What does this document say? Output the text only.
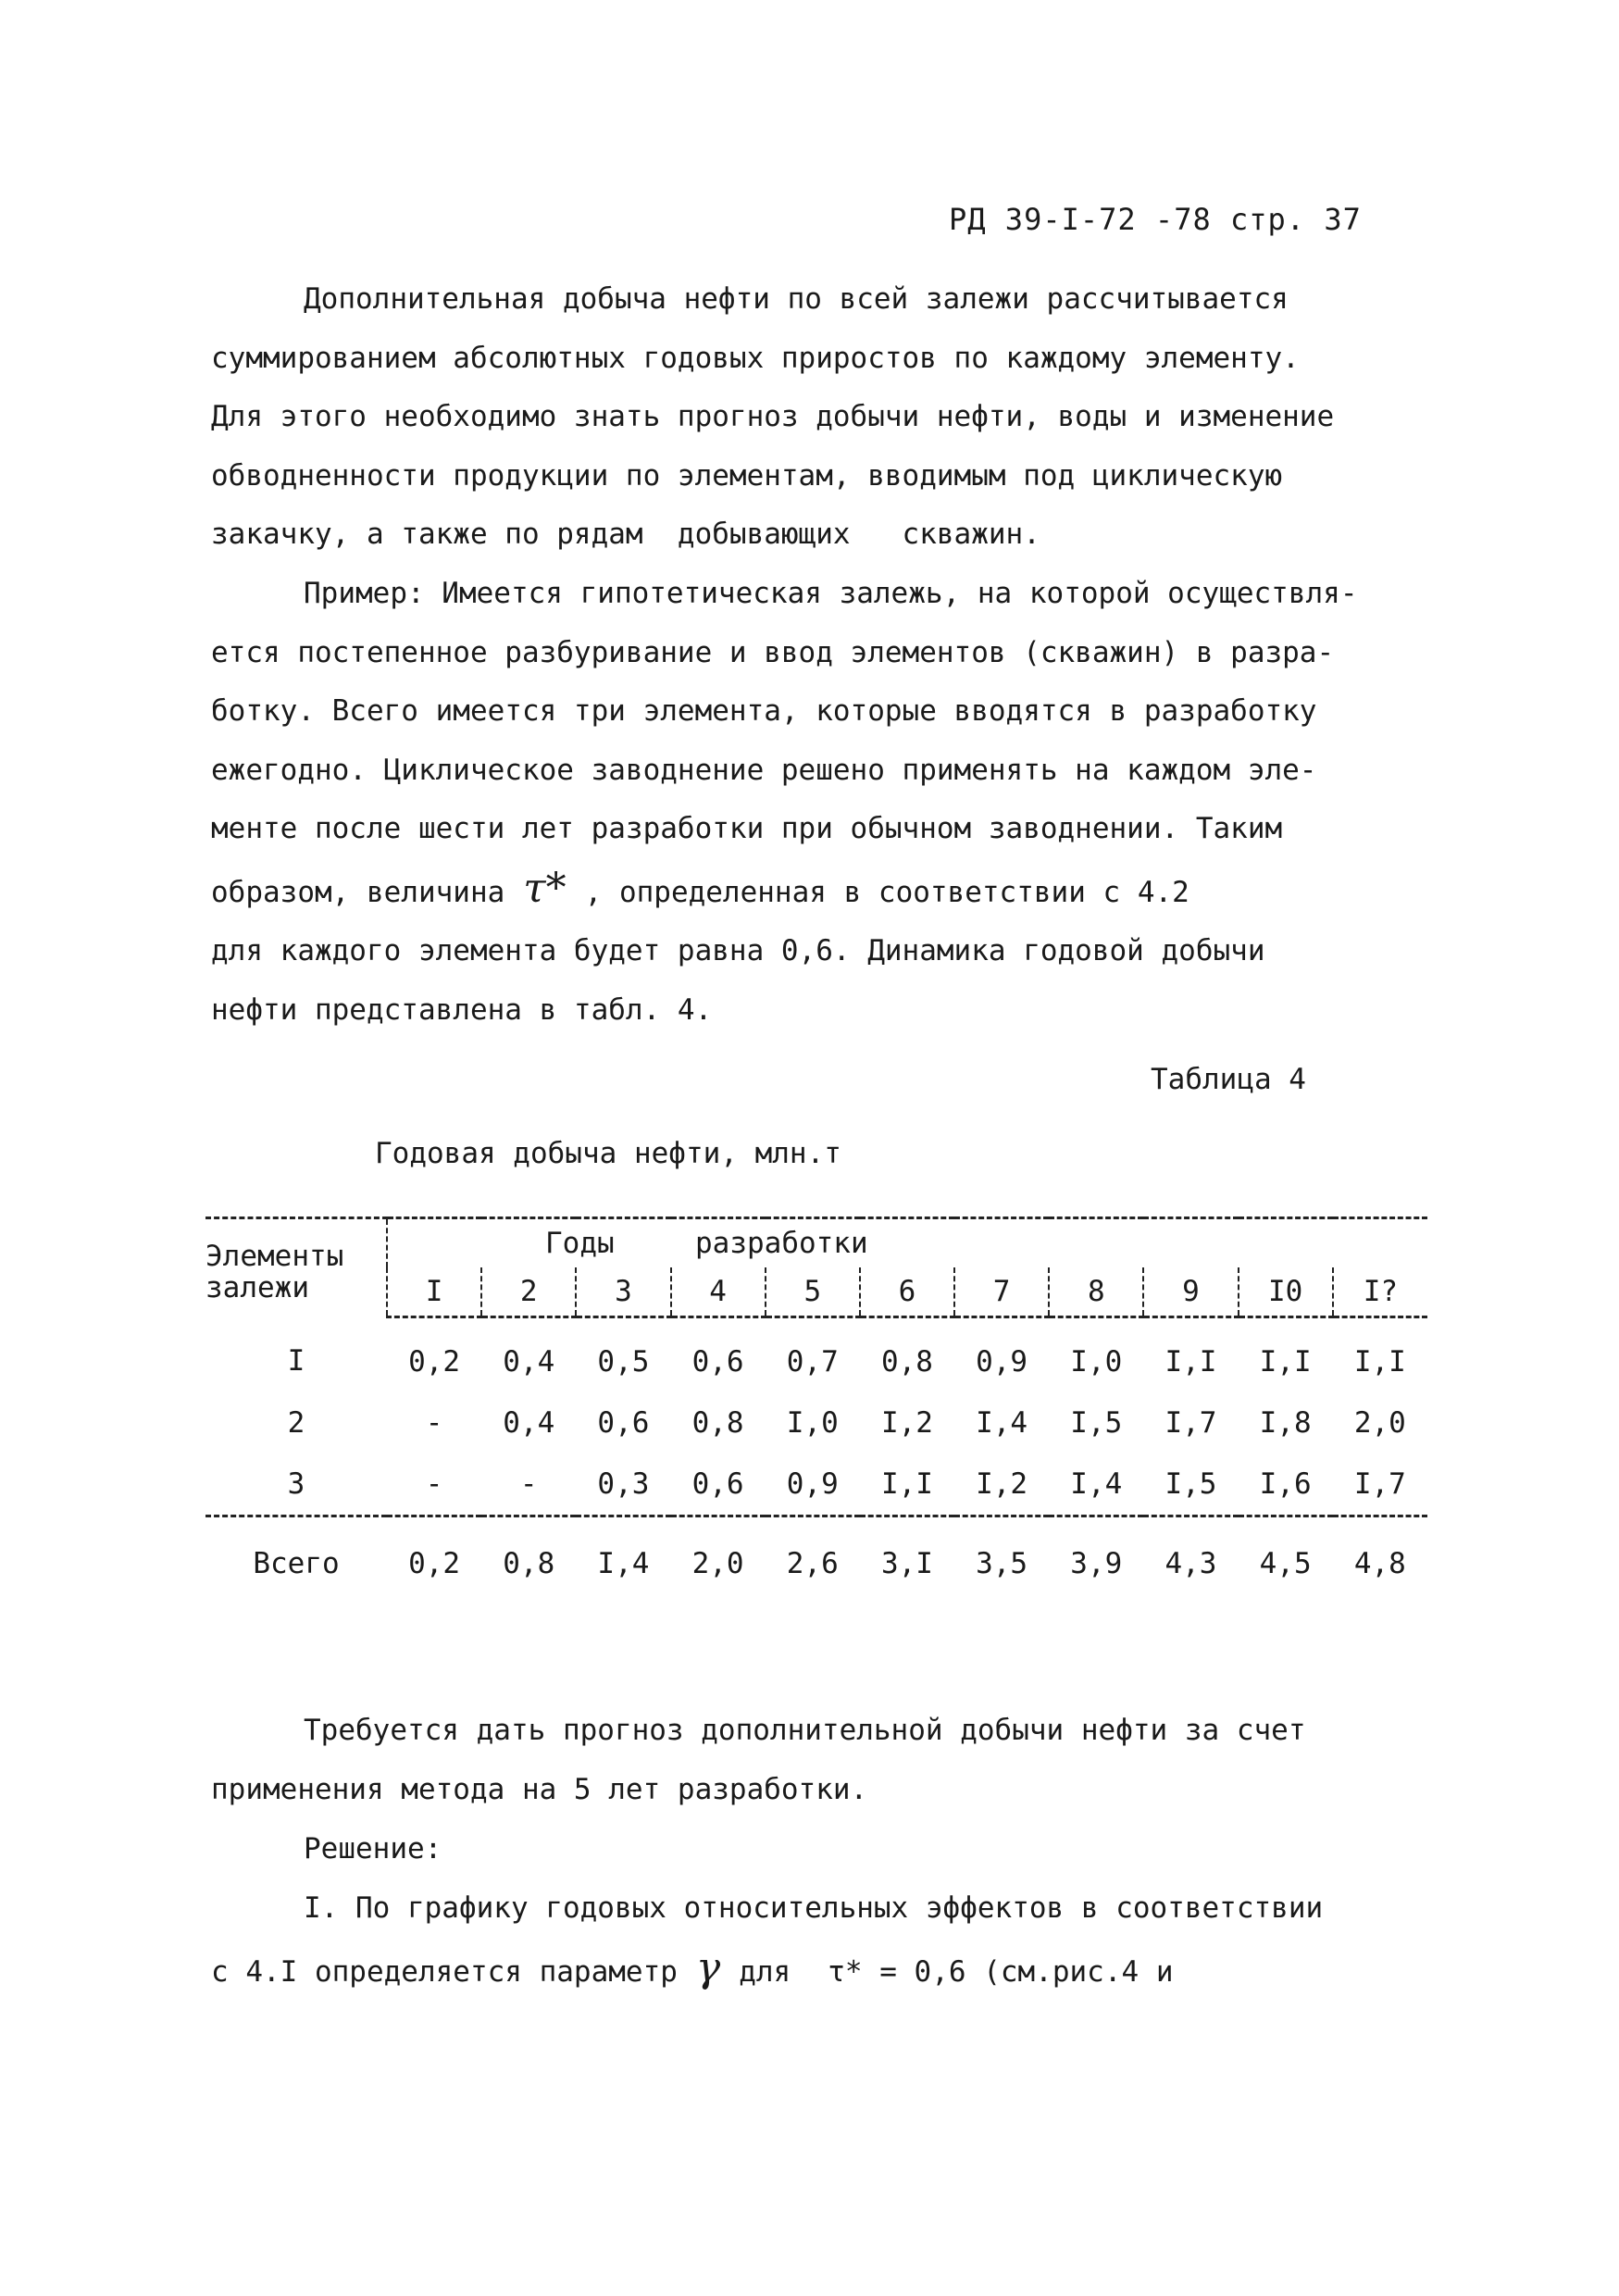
РД 39-I-72 -78 стр. 37
Дополнительная добыча нефти по всей залежи рассчитывается
суммированием абсолютных годовых приростов по каждому элементу.
Для этого необходимо знать прогноз добычи нефти, воды и изменение
обводненности продукции по элементам, вводимым под циклическую
закачку, а также по рядам  добывающих   скважин.
Пример: Имеется гипотетическая залежь, на которой осуществля-
ется постепенное разбуривание и ввод элементов (скважин) в разра-
ботку. Всего имеется три элемента, которые вводятся в разработку
ежегодно. Циклическое заводнение решено применять на каждом эле-
менте после шести лет разработки при обычном заводнении. Таким
образом, величина τ* , определенная в соответствии с 4.2
для каждого элемента будет равна 0,6. Динамика годовой добычи
нефти представлена в табл. 4.
Таблица 4
Годовая добыча нефти, млн.т
Элементы
залежи	Годы разработки										
	I	2	3	4	5	6	7	8	9	I0	I?
I	0,2	0,4	0,5	0,6	0,7	0,8	0,9	I,0	I,I	I,I	I,I
2	-	0,4	0,6	0,8	I,0	I,2	I,4	I,5	I,7	I,8	2,0
3	-	-	0,3	0,6	0,9	I,I	I,2	I,4	I,5	I,6	I,7
Всего	0,2	0,8	I,4	2,0	2,6	3,I	3,5	3,9	4,3	4,5	4,8
Требуется дать прогноз дополнительной добычи нефти за счет
применения метода на 5 лет разработки.
Решение:
I. По графику годовых относительных эффектов в соответствии
с 4.I определяется параметр γ для τ* = 0,6 (см.рис.4 и
